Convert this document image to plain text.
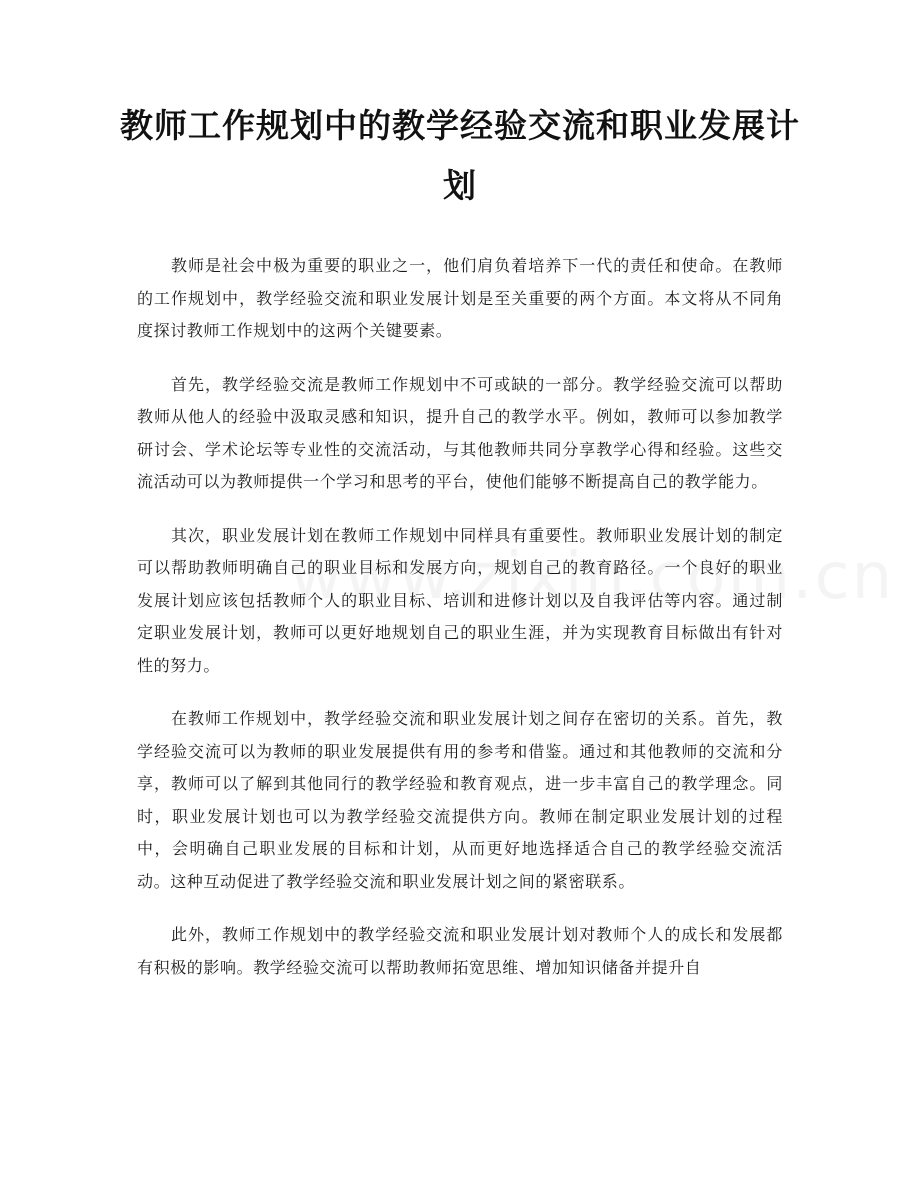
教师工作规划中的教学经验交流和职业发展计划

教师是社会中极为重要的职业之一，他们肩负着培养下一代的责任和使命。在教师的工作规划中，教学经验交流和职业发展计划是至关重要的两个方面。本文将从不同角度探讨教师工作规划中的这两个关键要素。

首先，教学经验交流是教师工作规划中不可或缺的一部分。教学经验交流可以帮助教师从他人的经验中汲取灵感和知识，提升自己的教学水平。例如，教师可以参加教学研讨会、学术论坛等专业性的交流活动，与其他教师共同分享教学心得和经验。这些交流活动可以为教师提供一个学习和思考的平台，使他们能够不断提高自己的教学能力。

其次，职业发展计划在教师工作规划中同样具有重要性。教师职业发展计划的制定可以帮助教师明确自己的职业目标和发展方向，规划自己的教育路径。一个良好的职业发展计划应该包括教师个人的职业目标、培训和进修计划以及自我评估等内容。通过制定职业发展计划，教师可以更好地规划自己的职业生涯，并为实现教育目标做出有针对性的努力。

在教师工作规划中，教学经验交流和职业发展计划之间存在密切的关系。首先，教学经验交流可以为教师的职业发展提供有用的参考和借鉴。通过和其他教师的交流和分享，教师可以了解到其他同行的教学经验和教育观点，进一步丰富自己的教学理念。同时，职业发展计划也可以为教学经验交流提供方向。教师在制定职业发展计划的过程中，会明确自己职业发展的目标和计划，从而更好地选择适合自己的教学经验交流活动。这种互动促进了教学经验交流和职业发展计划之间的紧密联系。

此外，教师工作规划中的教学经验交流和职业发展计划对教师个人的成长和发展都有积极的影响。教学经验交流可以帮助教师拓宽思维、增加知识储备并提升自
